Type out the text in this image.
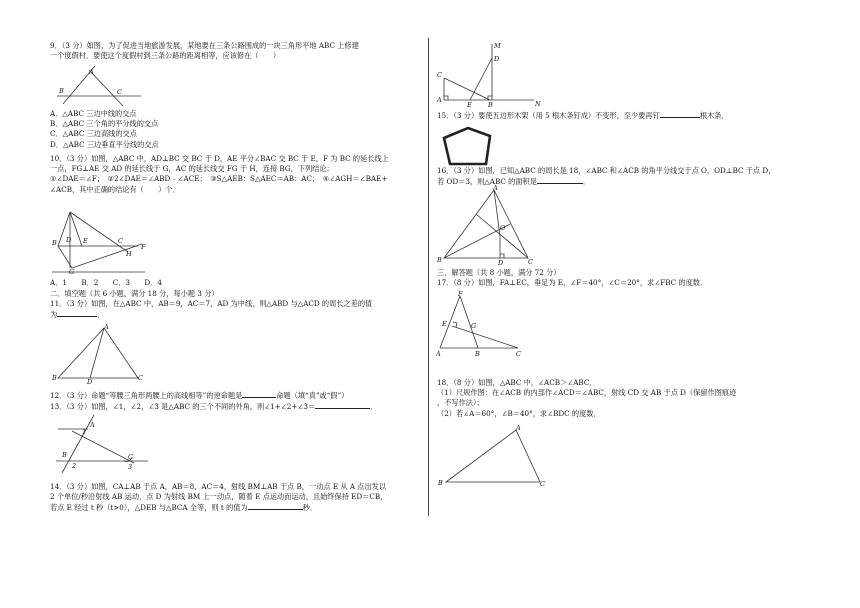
9．（3 分）如图，为了促进当地旅游发展，某地要在三条公路围成的一块三角形平地 ABC 上修建

一个度假村．要使这个度假村到三条公路的距离相等，应该修在（　　）

A
B	C

A．△ABC 三边中线的交点

B．△ABC 三个角的平分线的交点

C．△ABC 三边高线的交点

D．△ABC 三边垂直平分线的交点

10．（3 分）如图，△ABC 中，AD⊥BC 交 BC 于 D，AE 平分∠BAC 交 BC 于 E，F 为 BC 的延长线上

一点，FG⊥AE 交 AD 的延长线于 G，AC 的延长线交 FG 于 H，连接 BG，下列结论：

①∠DAE＝∠F；　②2∠DAE＝∠ABD﹣∠ACE；　③S△AEB：S△AEC＝AB：AC；　④∠AGH＝∠BAE+

∠ACB，其中正确的结论有（　　）个．

B D E	C
F
H
G

A．1　　B．2　　C．3　　D．4

二．填空题（共 6 小题，满分 18 分，每小题 3 分）

11．（3 分）如图，在△ABC 中，AB＝9，AC＝7，AD 为中线，则△ABD 与△ACD 的周长之差的值

为	．

A
B	D	C

12．（3 分）命题“等腰三角形两腰上的高线相等”的逆命题是	命题（填“真”或“假”）

13．（3 分）如图，∠1，∠2，∠3 是△ABC 的三个不同的外角，则∠1+∠2+∠3＝	．

A
B	C
1
2	3

14．（3 分）如图，CA⊥AB 于点 A，AB＝8，AC＝4，射线 BM⊥AB 于点 B，一动点 E 从 A 点出发以

2 个单位/秒沿射线 AB 运动，点 D 为射线 BM 上一动点，随着 E 点运动而运动，且始终保持 ED＝CB，

若点 E 经过 t 秒（t>0），△DEB 与△BCA 全等，则 t 的值为	秒．

C
M
D
A
E	B	N

15．（3 分）要使五边形木架（用 5 根木条钉成）不变形，至少要再钉	根木条．

16．（3 分）如图，已知△ABC 的周长是 18，∠ABC 和∠ACB 的角平分线交于点 O，OD⊥BC 于点 D，

若 OD＝3，则△ABC 的面积是	．

A
B
O
D	C

三．解答题（共 8 小题，满分 72 分）

17．（8 分）如图，FA⊥EC，垂足为 E，∠F＝40°，∠C＝20°，求∠FBC 的度数．

F
E	G
A	B	C

18．（8 分）如图，△ABC 中，∠ACB＞∠ABC．

（1）尺规作图：在∠ACB 的内部作∠ACD＝∠ABC，射线 CD 交 AB 于点 D（保留作图痕迹

，不写作法）；

（2）若∠A＝60°，∠B＝40°，求∠BDC 的度数．

A
B	C
